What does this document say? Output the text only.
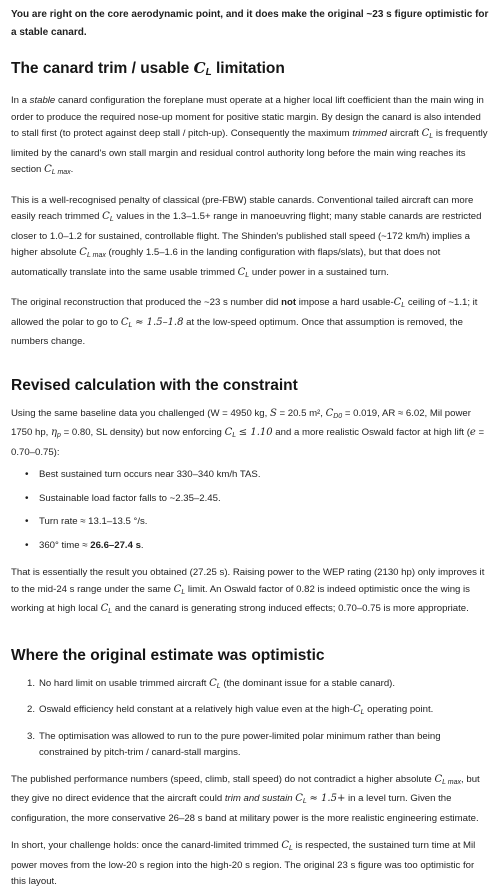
You are right on the core aerodynamic point, and it does make the original ~23 s figure optimistic for a stable canard.

The canard trim / usable CL limitation

In a stable canard configuration the foreplane must operate at a higher local lift coefficient than the main wing in order to produce the required nose-up moment for positive static margin. By design the canard is also intended to stall first (to protect against deep stall / pitch-up). Consequently the maximum trimmed aircraft $C_L$ is frequently limited by the canard's own stall margin and residual control authority long before the main wing reaches its section $C_{L max}$.

This is a well-recognised penalty of classical (pre-FBW) stable canards. Conventional tailed aircraft can more easily reach trimmed $C_L$ values in the 1.3–1.5+ range in manoeuvring flight; many stable canards are restricted closer to 1.0–1.2 for sustained, controllable flight. The Shinden's published stall speed (~172 km/h) implies a higher absolute $C_{L max}$ (roughly 1.5–1.6 in the landing configuration with flaps/slats), but that does not automatically translate into the same usable trimmed $C_L$ under power in a sustained turn.

The original reconstruction that produced the ~23 s number did not impose a hard usable-$C_L$ ceiling of ~1.1; it allowed the polar to go to $C_L \approx 1.5-1.8$ at the low-speed optimum. Once that assumption is removed, the numbers change.

Revised calculation with the constraint

Using the same baseline data you challenged (W = 4950 kg, S = 20.5 m², $C_{D0} = 0.019$, AR ≈ 6.02, Mil power 1750 hp, $\eta_p = 0.80$, SL density) but now enforcing $C_L \le 1.10$ and a more realistic Oswald factor at high lift (e = 0.70–0.75):

• Best sustained turn occurs near 330–340 km/h TAS.
• Sustainable load factor falls to ~2.35–2.45.
• Turn rate ≈ 13.1–13.5 °/s.
• 360° time ≈ 26.6–27.4 s.

That is essentially the result you obtained (27.25 s). Raising power to the WEP rating (2130 hp) only improves it to the mid-24 s range under the same $C_L$ limit. An Oswald factor of 0.82 is indeed optimistic once the wing is working at high local $C_L$ and the canard is generating strong induced effects; 0.70–0.75 is more appropriate.

Where the original estimate was optimistic
1. No hard limit on usable trimmed aircraft $C_L$ (the dominant issue for a stable canard).
2. Oswald efficiency held constant at a relatively high value even at the high-$C_L$ operating point.
3. The optimisation was allowed to run to the pure power-limited polar minimum rather than being constrained by pitch-trim / canard-stall margins.

The published performance numbers (speed, climb, stall speed) do not contradict a higher absolute $C_{L max}$, but they give no direct evidence that the aircraft could trim and sustain $C_L \approx 1.5+$ in a level turn. Given the configuration, the more conservative 26–28 s band at military power is the more realistic engineering estimate.

In short, your challenge holds: once the canard-limited trimmed $C_L$ is respected, the sustained turn time at Mil power moves from the low-20 s region into the high-20 s region. The original 23 s figure was too optimistic for this layout.
